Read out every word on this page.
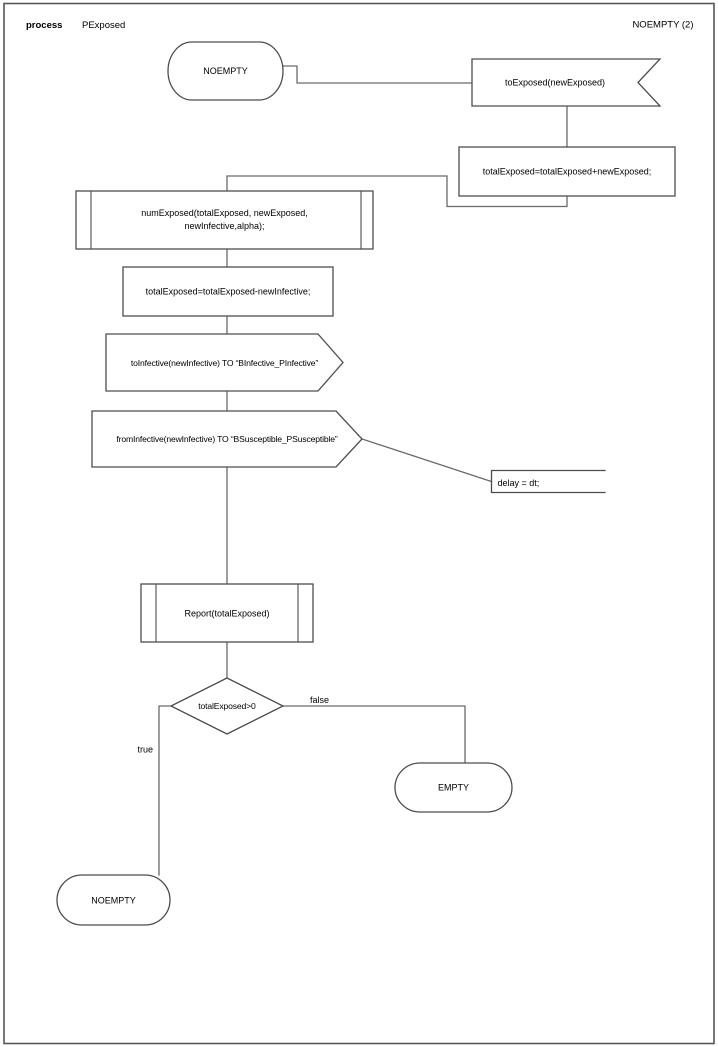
process PExposed	NOEMPTY (2)
NOEMPTY
toExposed(newExposed)
totalExposed=totalExposed+newExposed;
numExposed(totalExposed, newExposed,
newInfective,alpha);
totalExposed=totalExposed-newInfective;
toInfective(newInfective) TO “BInfective_PInfective”
fromInfective(newInfective) TO “BSusceptible_PSusceptible”
delay = dt;
Report(totalExposed)
totalExposed>0
false
true
EMPTY
NOEMPTY
